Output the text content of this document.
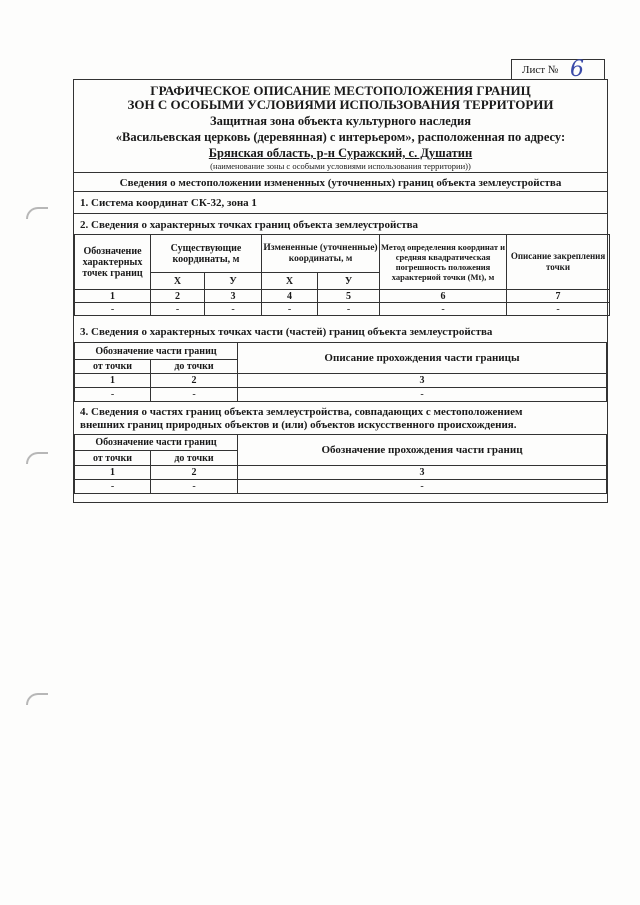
Лист № 6
ГРАФИЧЕСКОЕ ОПИСАНИЕ МЕСТОПОЛОЖЕНИЯ ГРАНИЦ
ЗОН С ОСОБЫМИ УСЛОВИЯМИ ИСПОЛЬЗОВАНИЯ ТЕРРИТОРИИ
Защитная зона объекта культурного наследия
«Васильевская церковь (деревянная) с интерьером», расположенная по адресу:
Брянская область, р-н Суражский, с. Душатин
(наименование зоны с особыми условиями использования территории))
Сведения о местоположении измененных (уточненных) границ объекта землеустройства
1. Система координат СК-32, зона 1
2. Сведения о характерных точках границ объекта землеустройства
Обозначение характерных точек границ	Существующие координаты, м		Измененные (уточненные) координаты, м		Метод определения координат и средняя квадратическая погрешность положения характерной точки (Mt), м	Описание закрепления точки
	Х	У	Х	У		
1	2	3	4	5	6	7
-	-	-	-	-	-	-
3. Сведения о характерных точках части (частей) границ объекта землеустройства
Обозначение части границ		Описание прохождения части границы
от точки	до точки	
1	2	3
-	-	-
4. Сведения о частях границ объекта землеустройства, совпадающих с местоположением
внешних границ природных объектов и (или) объектов искусственного происхождения.
Обозначение части границ		Обозначение прохождения части границ
от точки	до точки	
1	2	3
-	-	-
